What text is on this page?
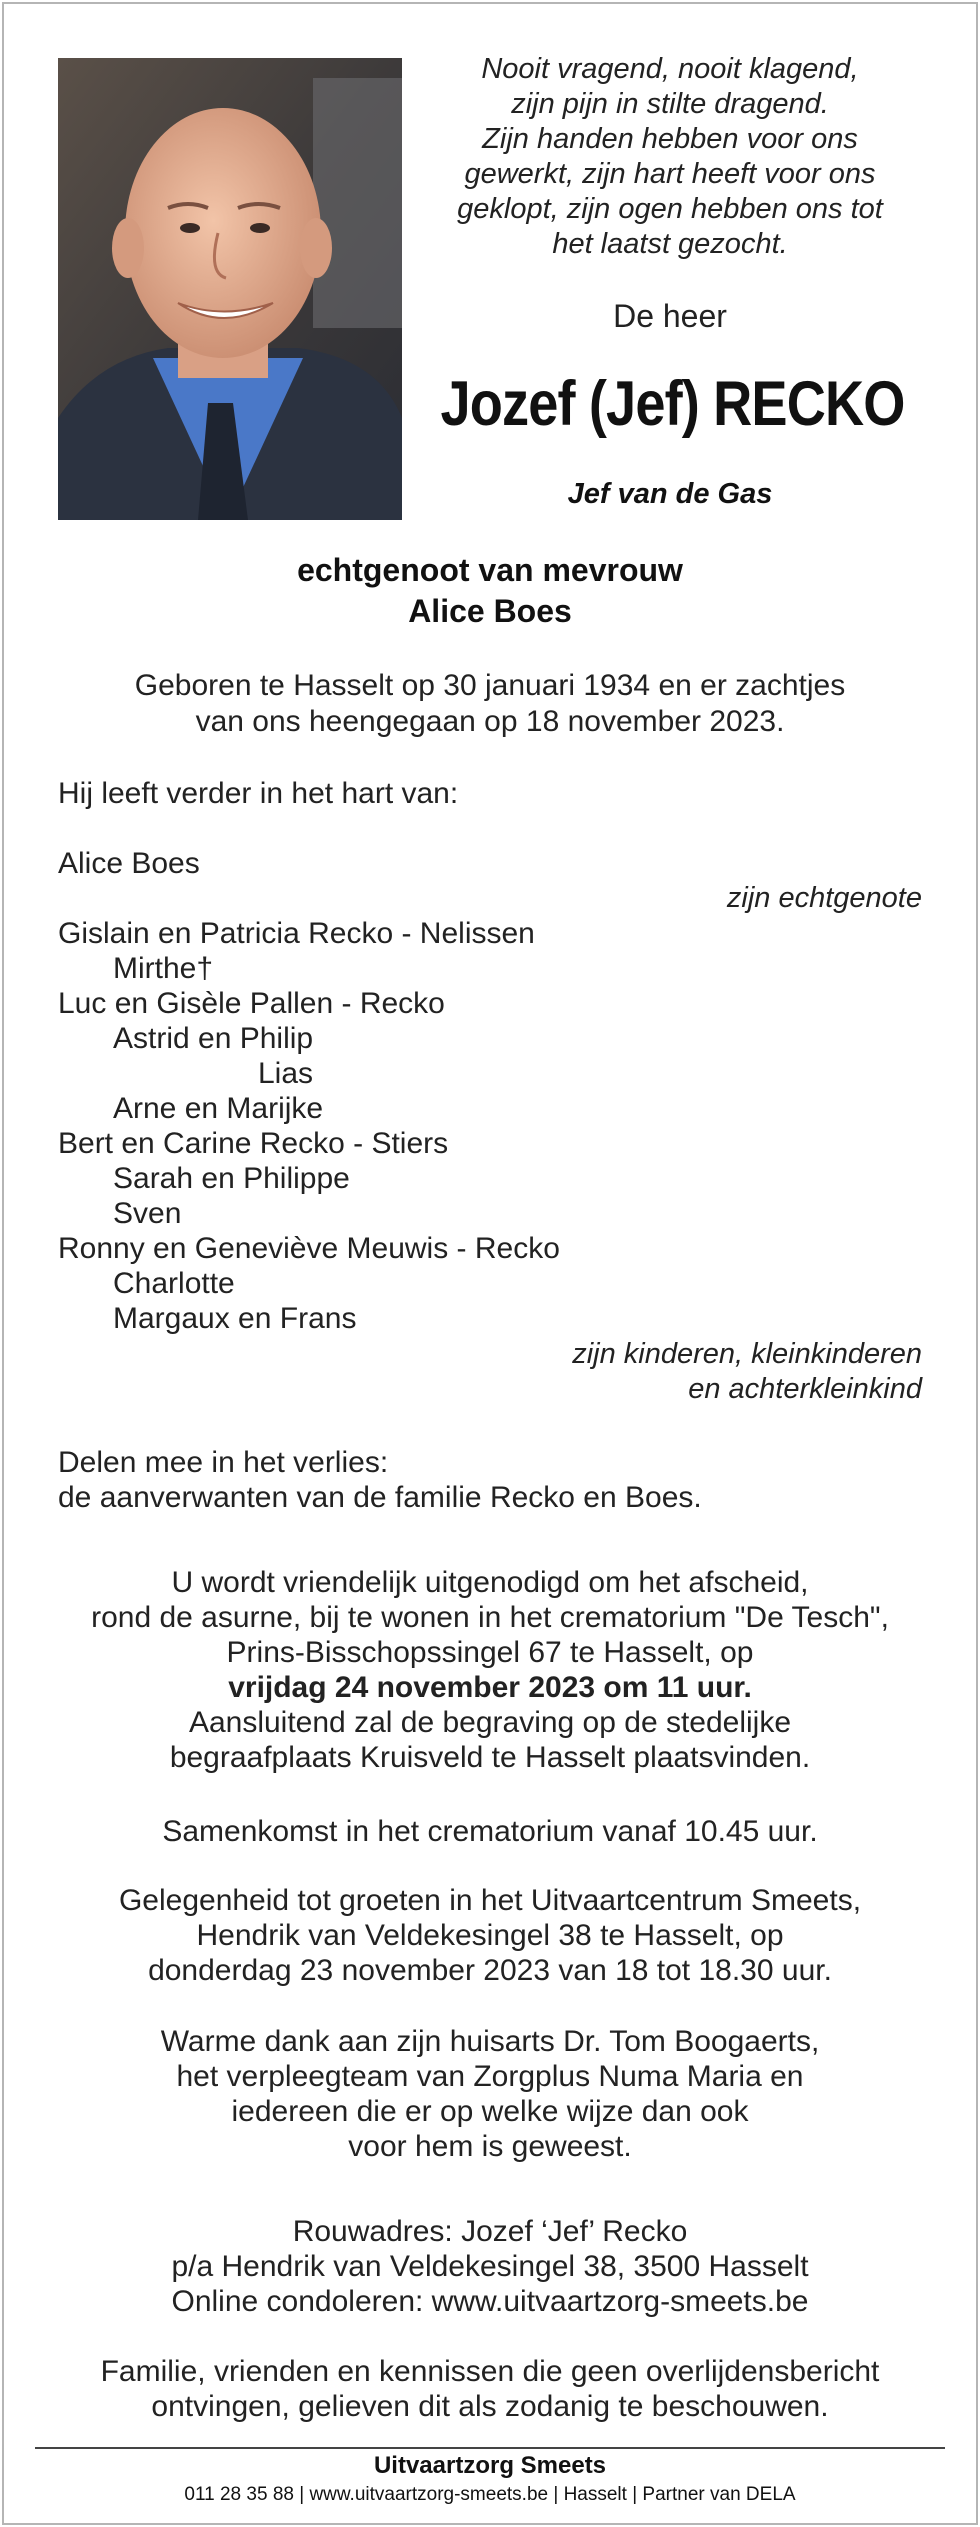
Nooit vragend, nooit klagend,
zijn pijn in stilte dragend.
Zijn handen hebben voor ons
gewerkt, zijn hart heeft voor ons
geklopt, zijn ogen hebben ons tot
het laatst gezocht.
De heer
Jozef (Jef) RECKO
Jef van de Gas
echtgenoot van mevrouw
Alice Boes
Geboren te Hasselt op 30 januari 1934 en er zachtjes
van ons heengegaan op 18 november 2023.
Hij leeft verder in het hart van:
Alice Boes
zijn echtgenote
Gislain en Patricia Recko - Nelissen
Mirthe†
Luc en Gisèle Pallen - Recko
Astrid en Philip
Lias
Arne en Marijke
Bert en Carine Recko - Stiers
Sarah en Philippe
Sven
Ronny en Geneviève Meuwis - Recko
Charlotte
Margaux en Frans
zijn kinderen, kleinkinderen
en achterkleinkind
Delen mee in het verlies:
de aanverwanten van de familie Recko en Boes.
U wordt vriendelijk uitgenodigd om het afscheid,
rond de asurne, bij te wonen in het crematorium "De Tesch",
Prins-Bisschopssingel 67 te Hasselt, op
vrijdag 24 november 2023 om 11 uur.
Aansluitend zal de begraving op de stedelijke
begraafplaats Kruisveld te Hasselt plaatsvinden.
Samenkomst in het crematorium vanaf 10.45 uur.
Gelegenheid tot groeten in het Uitvaartcentrum Smeets,
Hendrik van Veldekesingel 38 te Hasselt, op
donderdag 23 november 2023 van 18 tot 18.30 uur.
Warme dank aan zijn huisarts Dr. Tom Boogaerts,
het verpleegteam van Zorgplus Numa Maria en
iedereen die er op welke wijze dan ook
voor hem is geweest.
Rouwadres: Jozef ‘Jef’ Recko
p/a Hendrik van Veldekesingel 38, 3500 Hasselt
Online condoleren: www.uitvaartzorg-smeets.be
Familie, vrienden en kennissen die geen overlijdensbericht
ontvingen, gelieven dit als zodanig te beschouwen.
Uitvaartzorg Smeets
011 28 35 88 | www.uitvaartzorg-smeets.be | Hasselt | Partner van DELA
